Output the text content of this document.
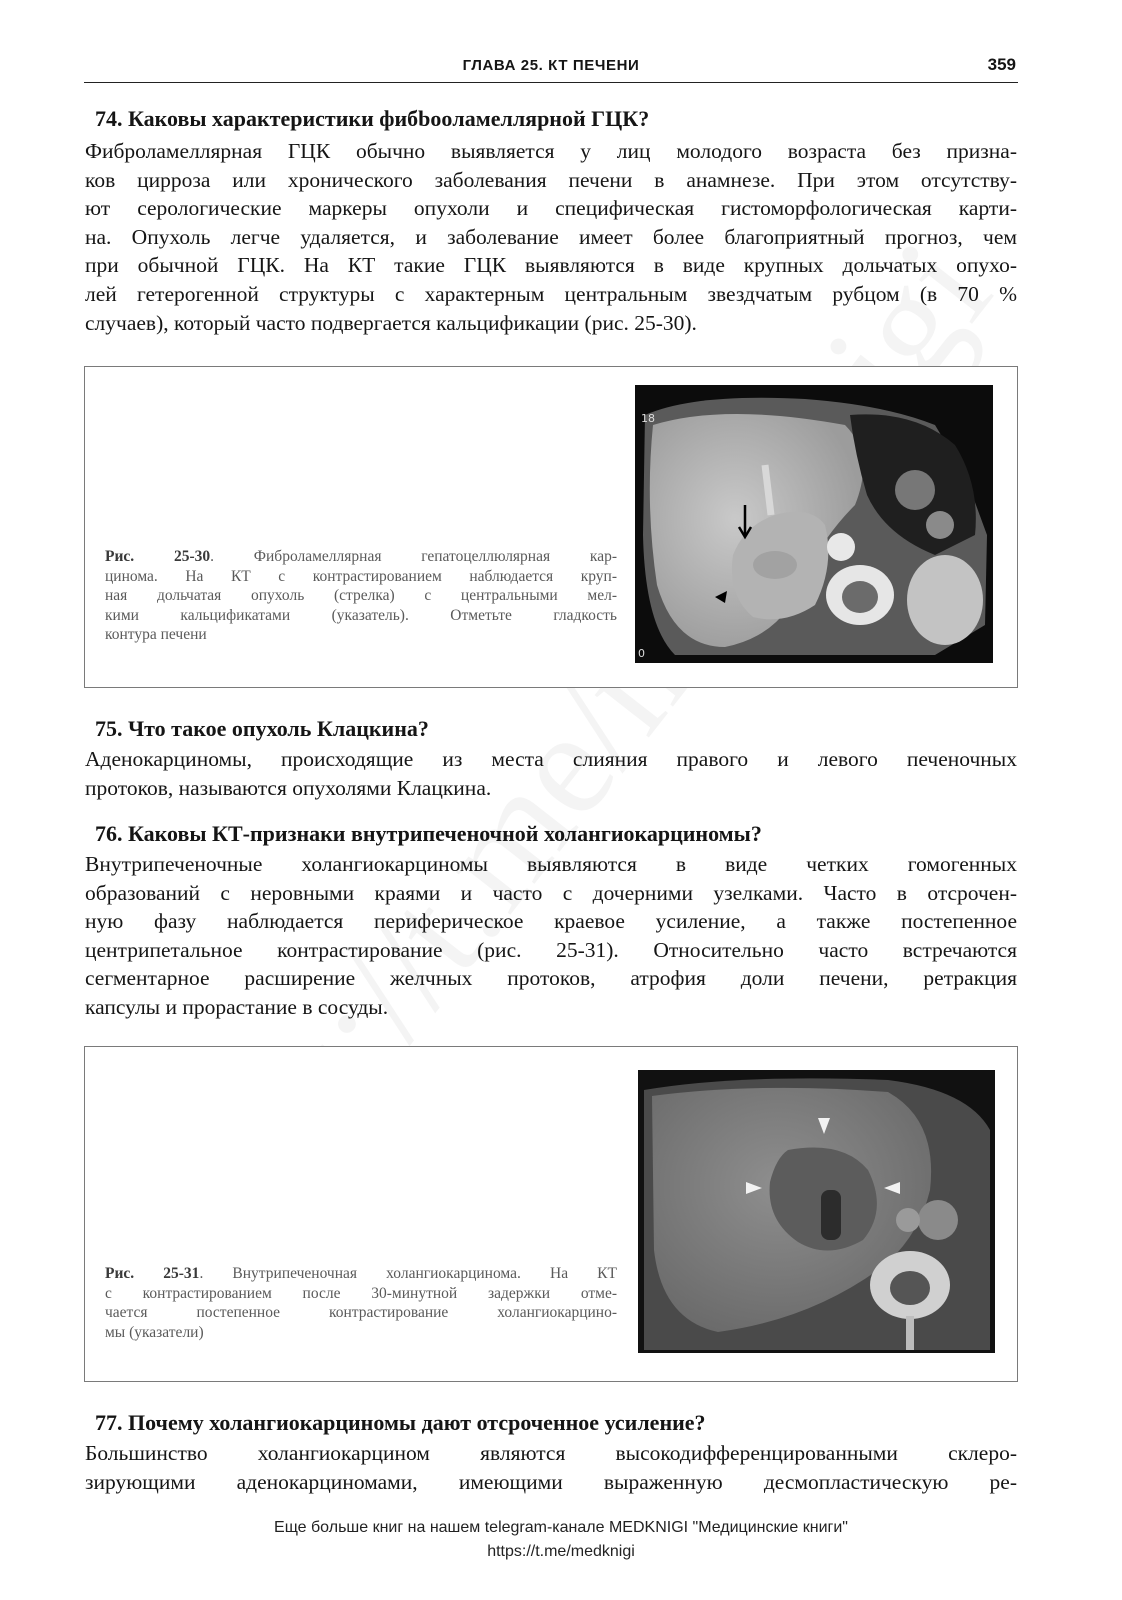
ГЛАВА 25. КТ ПЕЧЕНИ	359
74. Каковы характеристики фибbooламеллярной ГЦК?
Фиброламеллярная ГЦК обычно выявляется у лиц молодого возраста без призна-
ков цирроза или хронического заболевания печени в анамнезе. При этом отсутству-
ют серологические маркеры опухоли и специфическая гистоморфологическая карти-
на. Опухоль легче удаляется, и заболевание имеет более благоприятный прогноз, чем
при обычной ГЦК. На КТ такие ГЦК выявляются в виде крупных дольчатых опухо-
лей гетерогенной структуры с характерным центральным звездчатым рубцом (в 70 %
случаев), который часто подвергается кальцификации (рис. 25-30).
Рис. 25-30. Фиброламеллярная гепатоцеллюлярная кар-
цинома. На КТ с контрастированием наблюдается круп-
ная дольчатая опухоль (стрелка) с центральными мел-
кими кальцификатами (указатель). Отметьте гладкость
контура печени
18
0
75. Что такое опухоль Клацкина?
Аденокарциномы, происходящие из места слияния правого и левого печеночных
протоков, называются опухолями Клацкина.
76. Каковы КТ-признаки внутрипеченочной холангиокарциномы?
Внутрипеченочные холангиокарциномы выявляются в виде четких гомогенных
образований с неровными краями и часто с дочерними узелками. Часто в отсрочен-
ную фазу наблюдается периферическое краевое усиление, а также постепенное
центрипетальное контрастирование (рис. 25-31). Относительно часто встречаются
сегментарное расширение желчных протоков, атрофия доли печени, ретракция
капсулы и прорастание в сосуды.
Рис. 25-31. Внутрипеченочная холангиокарцинома. На КТ
с контрастированием после 30-минутной задержки отме-
чается постепенное контрастирование холангиокарцино-
мы (указатели)
77. Почему холангиокарциномы дают отсроченное усиление?
Большинство холангиокарцином являются высокодифференцированными склеро-
зирующими аденокарциномами, имеющими выраженную десмопластическую ре-
Еще больше книг на нашем telegram-канале MEDKNIGI "Медицинские книги"
https://t.me/medknigi
